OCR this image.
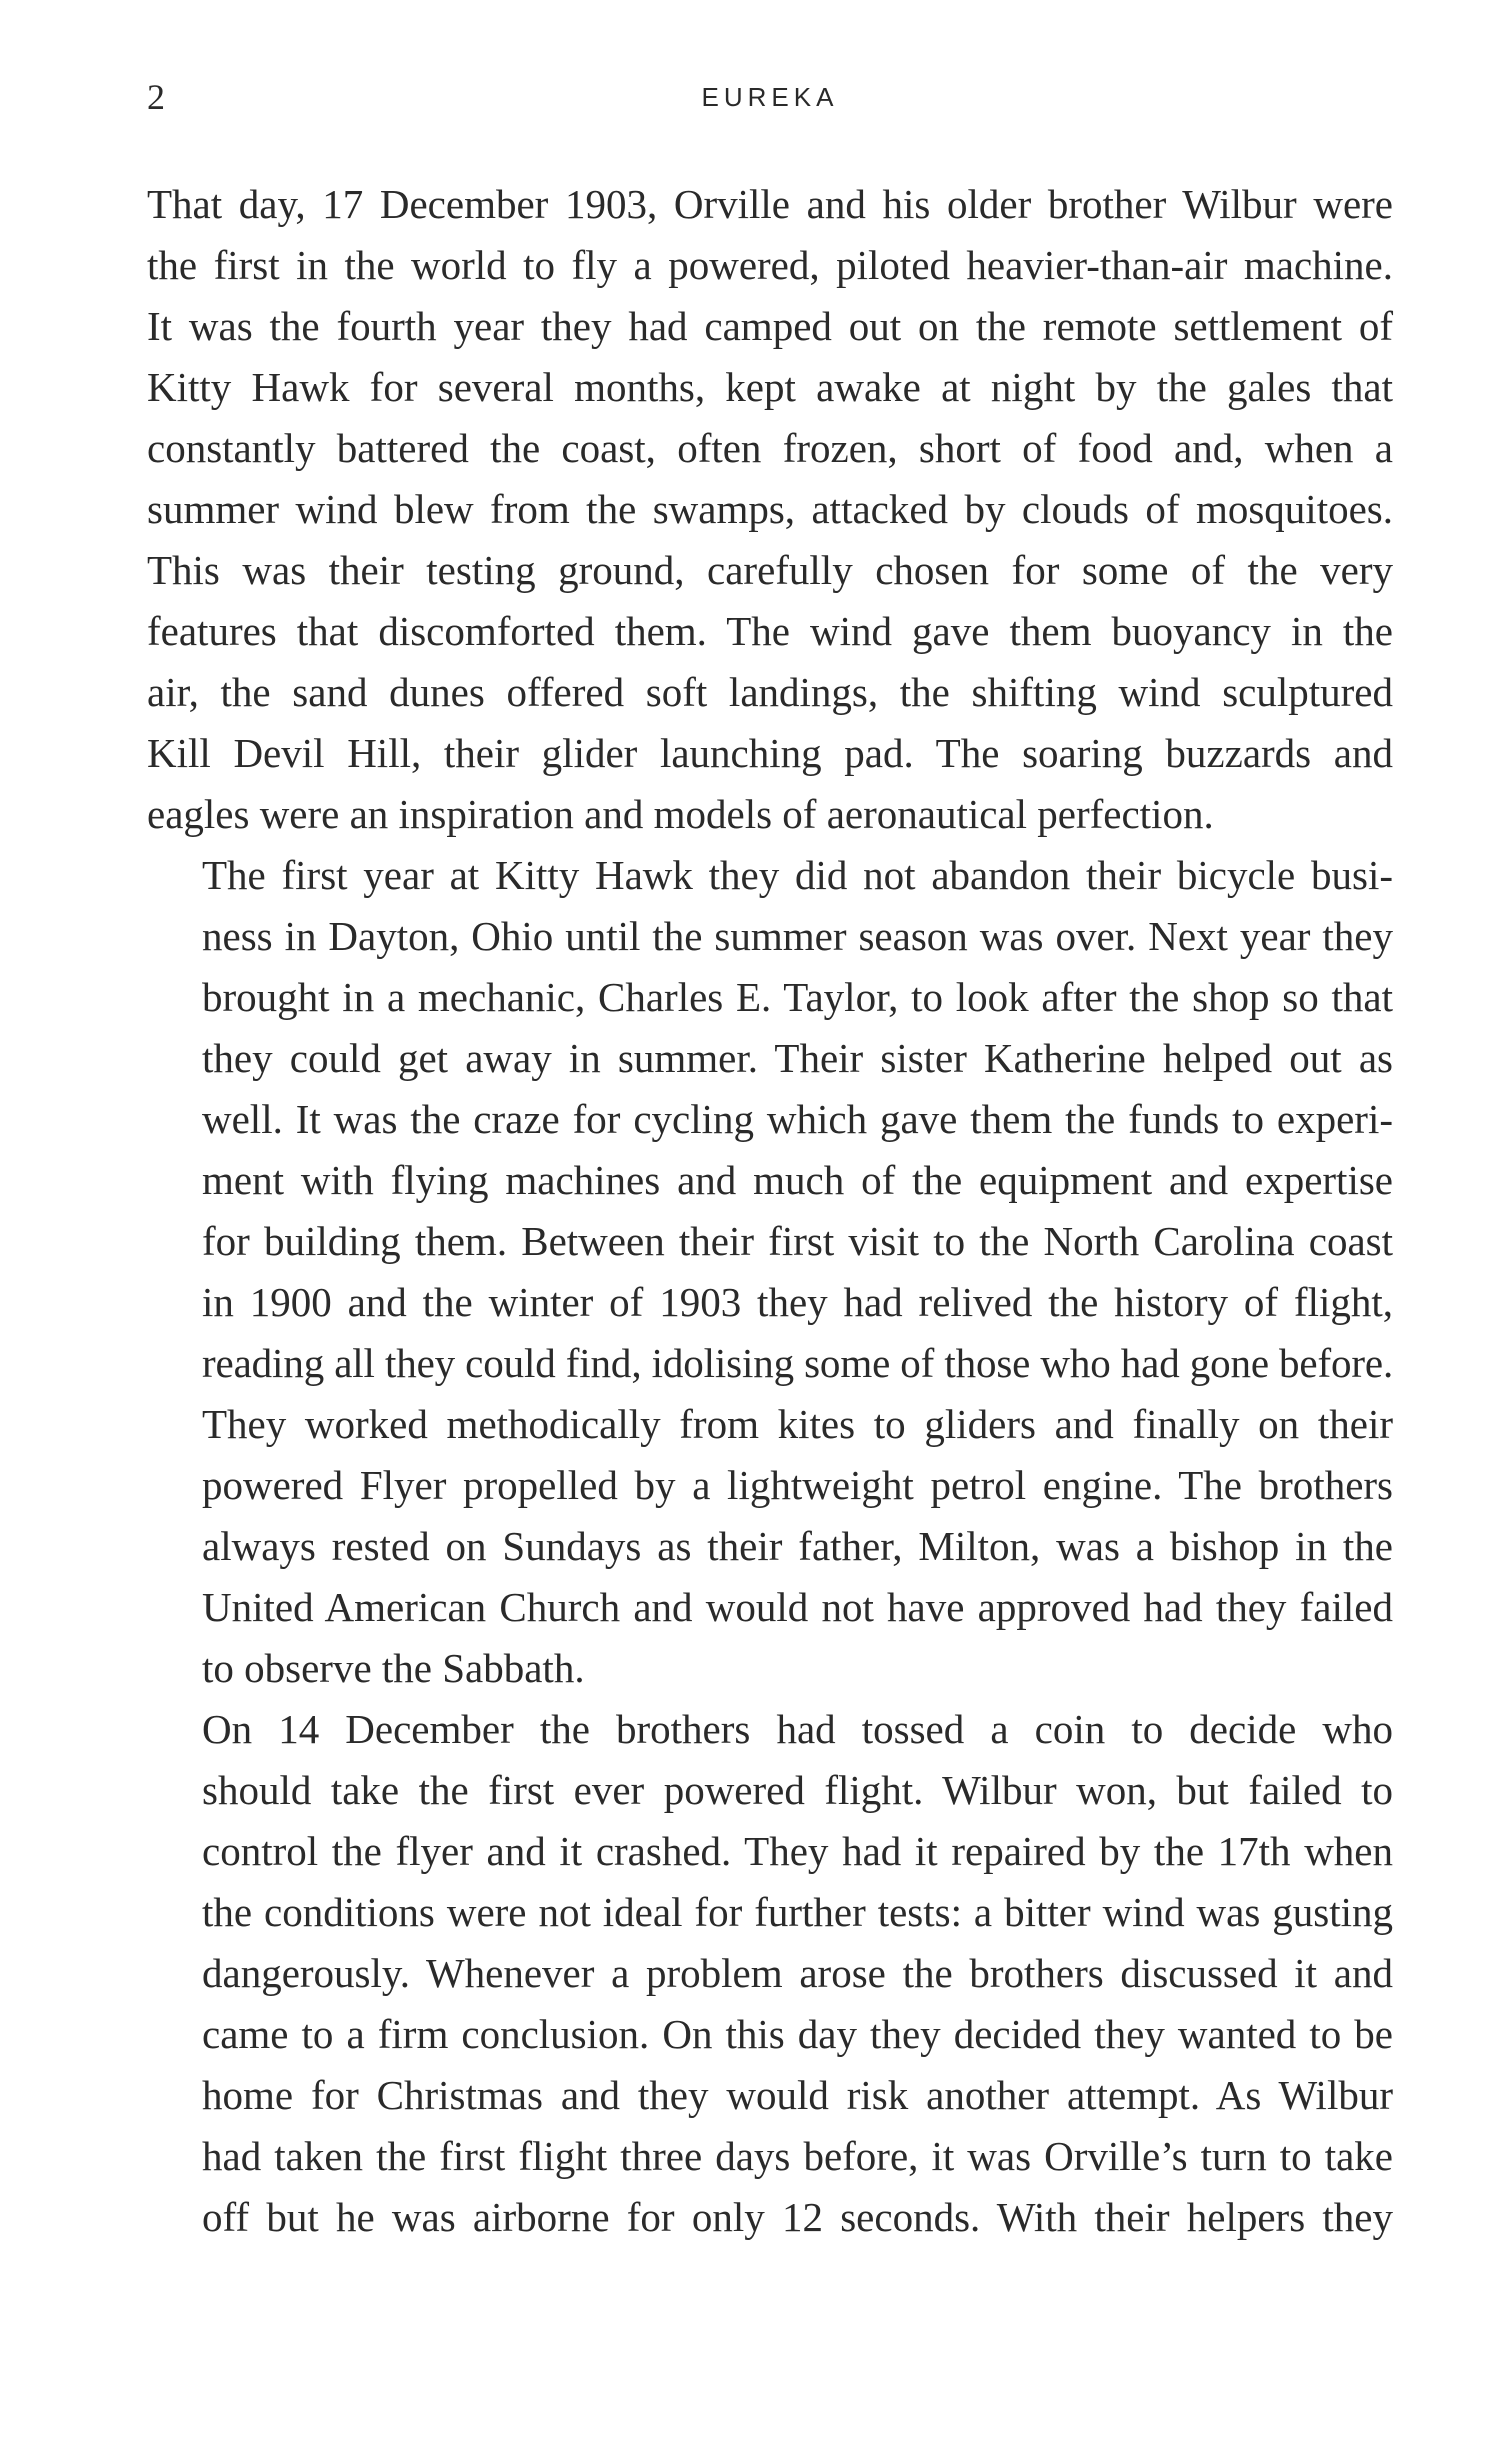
2	EUREKA
That day, 17 December 1903, Orville and his older brother Wilbur were
the first in the world to fly a powered, piloted heavier-than-air machine.
It was the fourth year they had camped out on the remote settlement of
Kitty Hawk for several months, kept awake at night by the gales that
constantly battered the coast, often frozen, short of food and, when a
summer wind blew from the swamps, attacked by clouds of mosquitoes.
This was their testing ground, carefully chosen for some of the very
features that discomforted them. The wind gave them buoyancy in the
air, the sand dunes offered soft landings, the shifting wind sculptured
Kill Devil Hill, their glider launching pad. The soaring buzzards and
eagles were an inspiration and models of aeronautical perfection.
The first year at Kitty Hawk they did not abandon their bicycle busi-
ness in Dayton, Ohio until the summer season was over. Next year they
brought in a mechanic, Charles E. Taylor, to look after the shop so that
they could get away in summer. Their sister Katherine helped out as
well. It was the craze for cycling which gave them the funds to experi-
ment with flying machines and much of the equipment and expertise
for building them. Between their first visit to the North Carolina coast
in 1900 and the winter of 1903 they had relived the history of flight,
reading all they could find, idolising some of those who had gone before.
They worked methodically from kites to gliders and finally on their
powered Flyer propelled by a lightweight petrol engine. The brothers
always rested on Sundays as their father, Milton, was a bishop in the
United American Church and would not have approved had they failed
to observe the Sabbath.
On 14 December the brothers had tossed a coin to decide who
should take the first ever powered flight. Wilbur won, but failed to
control the flyer and it crashed. They had it repaired by the 17th when
the conditions were not ideal for further tests: a bitter wind was gusting
dangerously. Whenever a problem arose the brothers discussed it and
came to a firm conclusion. On this day they decided they wanted to be
home for Christmas and they would risk another attempt. As Wilbur
had taken the first flight three days before, it was Orville’s turn to take
off but he was airborne for only 12 seconds. With their helpers they
